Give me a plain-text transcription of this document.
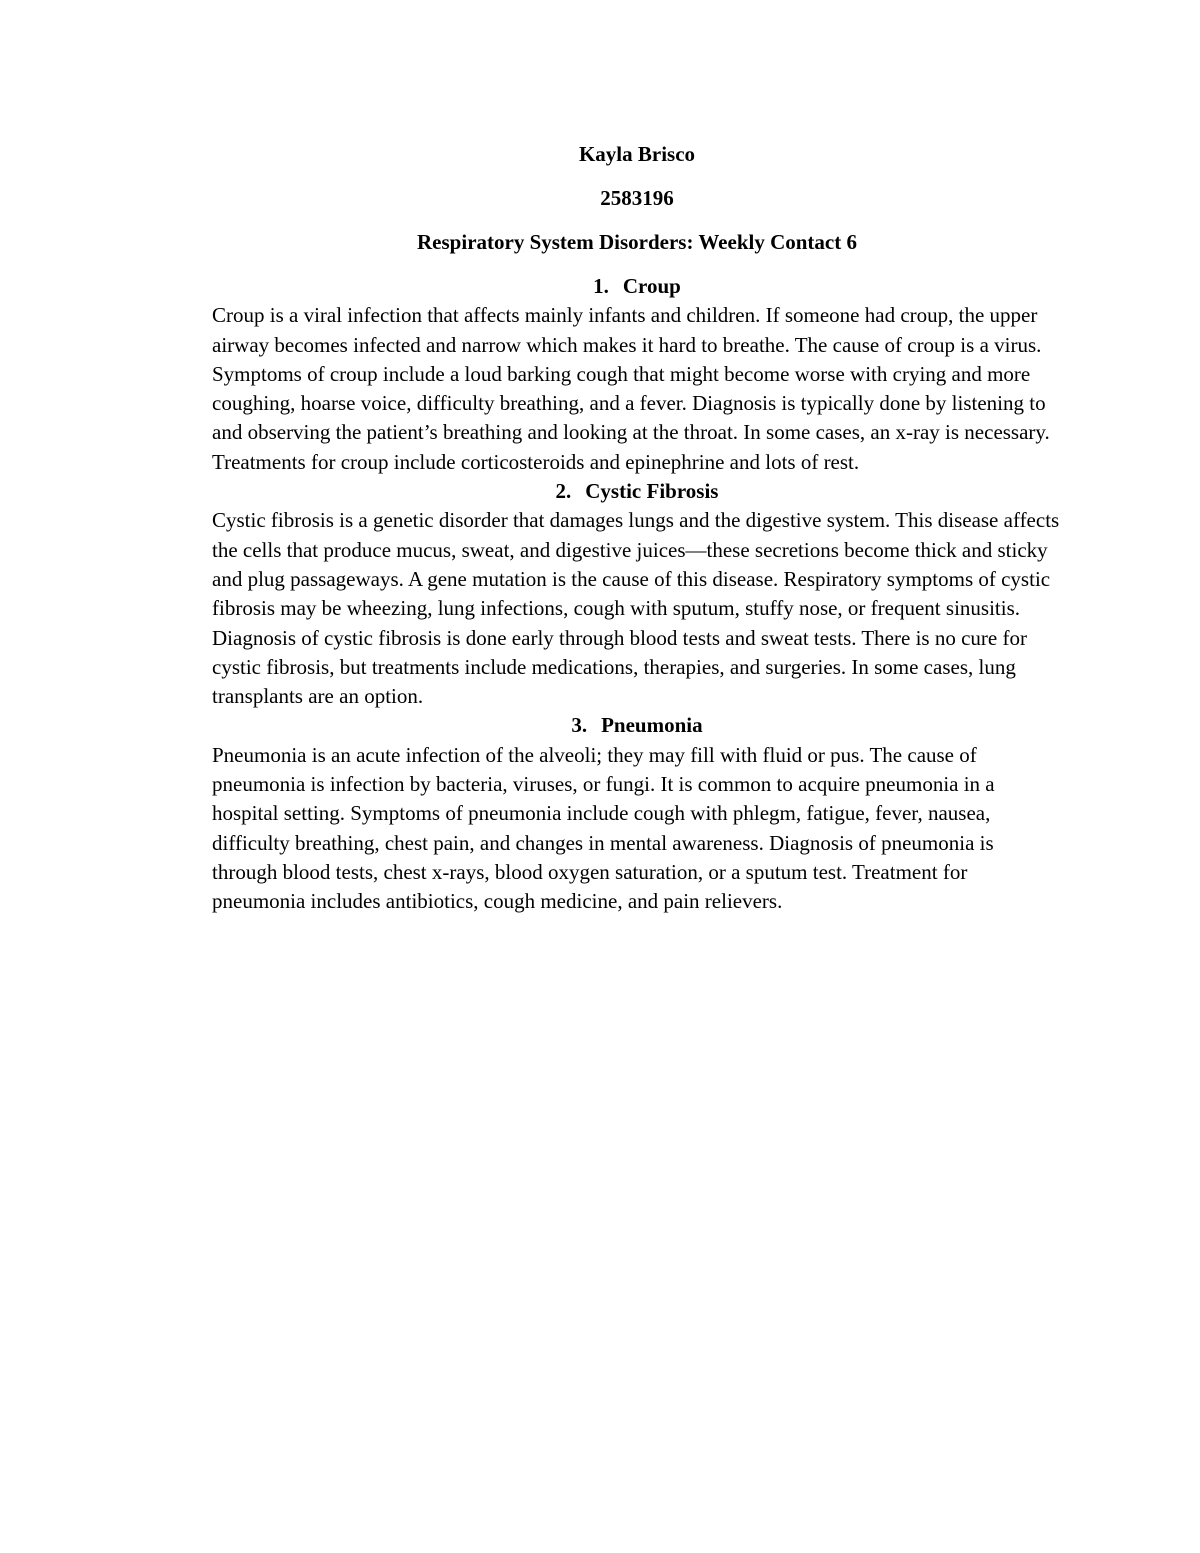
Kayla Brisco

2583196

Respiratory System Disorders: Weekly Contact 6

1. Croup

Croup is a viral infection that affects mainly infants and children. If someone had croup, the upper airway becomes infected and narrow which makes it hard to breathe. The cause of croup is a virus. Symptoms of croup include a loud barking cough that might become worse with crying and more coughing, hoarse voice, difficulty breathing, and a fever. Diagnosis is typically done by listening to and observing the patient’s breathing and looking at the throat. In some cases, an x-ray is necessary. Treatments for croup include corticosteroids and epinephrine and lots of rest.

2. Cystic Fibrosis

Cystic fibrosis is a genetic disorder that damages lungs and the digestive system. This disease affects the cells that produce mucus, sweat, and digestive juices—these secretions become thick and sticky and plug passageways. A gene mutation is the cause of this disease. Respiratory symptoms of cystic fibrosis may be wheezing, lung infections, cough with sputum, stuffy nose, or frequent sinusitis. Diagnosis of cystic fibrosis is done early through blood tests and sweat tests. There is no cure for cystic fibrosis, but treatments include medications, therapies, and surgeries. In some cases, lung transplants are an option.

3. Pneumonia

Pneumonia is an acute infection of the alveoli; they may fill with fluid or pus. The cause of pneumonia is infection by bacteria, viruses, or fungi. It is common to acquire pneumonia in a hospital setting. Symptoms of pneumonia include cough with phlegm, fatigue, fever, nausea, difficulty breathing, chest pain, and changes in mental awareness. Diagnosis of pneumonia is through blood tests, chest x-rays, blood oxygen saturation, or a sputum test. Treatment for pneumonia includes antibiotics, cough medicine, and pain relievers.
